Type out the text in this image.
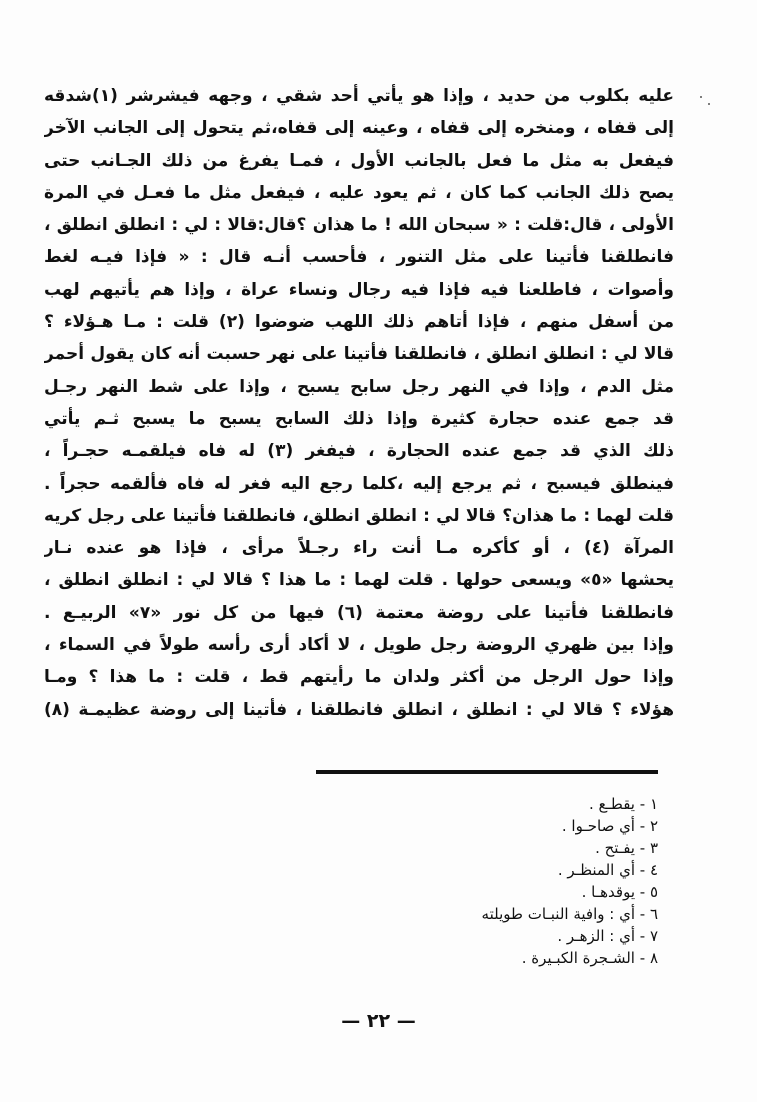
عليه بكلوب من حديد ، وإذا هو يأتي أحد شقي ، وجهه فيشرشر (١)شدقه
إلى قفاه ، ومنخره إلى قفاه ، وعينه إلى قفاه،ثم يتحول إلى الجانب الآخر
فيفعل به مثل ما فعل بالجانب الأول ، فمـا يفرغ من ذلك الجـانب حتى
يصح ذلك الجانب كما كان ، ثم يعود عليه ، فيفعل مثل ما فعـل في المرة
الأولى ، قال:قلت : « سبحان الله ! ما هذان ؟قال:قالا : لي : انطلق انطلق ،
فانطلقنا فأتينا على مثل التنور ، فأحسب أنـه قال : « فإذا فيـه لغط
وأصوات ، فاطلعنا فيه فإذا فيه رجال ونساء عراة ، وإذا هم يأتيهم لهب
من أسفل منهم ، فإذا أتاهم ذلك اللهب ضوضوا (٢) قلت : مـا هـؤلاء ؟
قالا لي : انطلق انطلق ، فانطلقنا فأتينا على نهر حسبت أنه كان يقول أحمر
مثل الدم ، وإذا في النهر رجل سابح يسبح ، وإذا على شط النهر رجـل
قد جمع عنده حجارة كثيرة وإذا ذلك السابح يسبح ما يسبح ثـم يأتي
ذلك الذي قد جمع عنده الحجارة ، فيفغر (٣) له فاه فيلقمـه حجـراً ،
فينطلق فيسبح ، ثم يرجع إليه ،كلما رجع اليه فغر له فاه فألقمه حجراً .
قلت لهما : ما هذان؟ قالا لي : انطلق انطلق، فانطلقنا فأتينا على رجل كريه
المرآة (٤) ، أو كأكره مـا أنت راء رجـلاً مرأى ، فإذا هو عنده نـار
يحشها «٥» ويسعى حولها . قلت لهما : ما هذا ؟ قالا لي : انطلق انطلق ،
فانطلقنا فأتينا على روضة معتمة (٦) فيها من كل نور «٧» الربيـع .
وإذا بين ظهري الروضة رجل طويل ، لا أكاد أرى رأسه طولاً في السماء ،
وإذا حول الرجل من أكثر ولدان ما رأيتهم قط ، قلت : ما هذا ؟ ومـا
هؤلاء ؟ قالا لي : انطلق ، انطلق فانطلقنا ، فأتينا إلى روضة عظيمـة (٨)
١ - يقطـع .
٢ - أي صاحـوا .
٣ - يفـتح .
٤ - أي المنظـر .
٥ - يوقدهـا .
٦ - أي : وافية النبـات طويلته
٧ - أي : الزهـر .
٨ - الشـجرة الكبـيرة .
— ٢٢ —
